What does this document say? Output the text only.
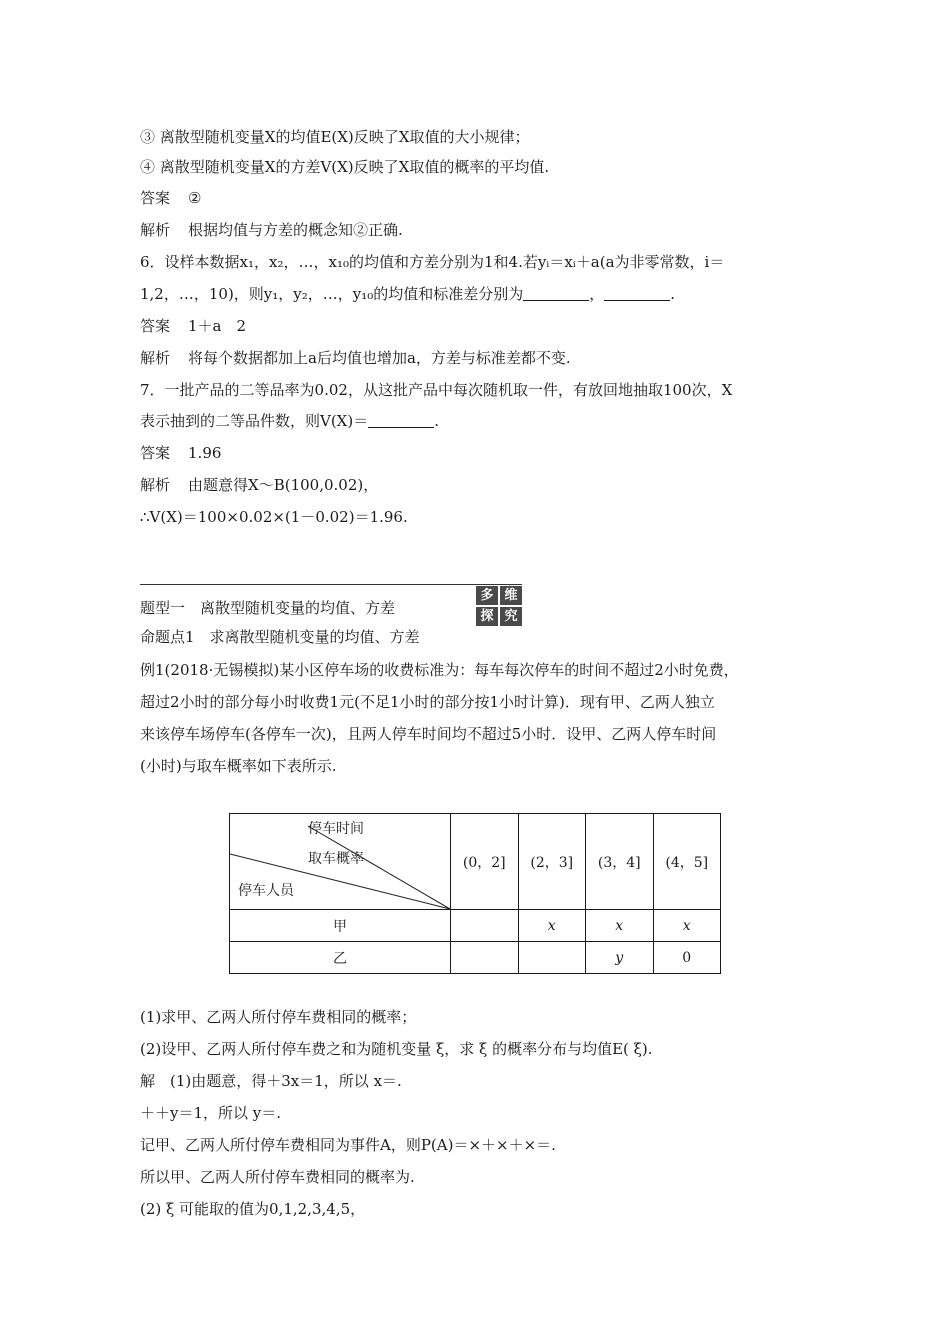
③ 离散型随机变量X的均值E(X)反映了X取值的大小规律；
④ 离散型随机变量X的方差V(X)反映了X取值的概率的平均值.
答案 ②
解析 根据均值与方差的概念知②正确.
6．设样本数据x₁，x₂，…，x₁₀的均值和方差分别为1和4.若yᵢ＝xᵢ＋a(a为非零常数，i＝
1,2，…，10)，则y₁，y₂，…，y₁₀的均值和标准差分别为	，	.
答案 1＋a　2
解析 将每个数据都加上a后均值也增加a，方差与标准差都不变.
7．一批产品的二等品率为0.02，从这批产品中每次随机取一件，有放回地抽取100次，X
表示抽到的二等品件数，则V(X)＝	.
答案 1.96
解析 由题意得X～B(100,0.02)，
∴V(X)＝100×0.02×(1－0.02)＝1.96.
题型一　离散型随机变量的均值、方差
多 维
探 究
命题点1　求离散型随机变量的均值、方差
例1(2018·无锡模拟)某小区停车场的收费标准为：每车每次停车的时间不超过2小时免费，
超过2小时的部分每小时收费1元(不足1小时的部分按1小时计算)．现有甲、乙两人独立
来该停车场停车(各停车一次)，且两人停车时间均不超过5小时．设甲、乙两人停车时间
(小时)与取车概率如下表所示.
停车时间
取车概率
停车人员	(0，2]	(2，3]	(3，4]	(4，5]
甲		x	x	x
乙			y	0
(1)求甲、乙两人所付停车费相同的概率；
(2)设甲、乙两人所付停车费之和为随机变量 ξ，求 ξ 的概率分布与均值E( ξ).
解　(1)由题意，得＋3x＝1，所以 x＝.
＋＋y＝1，所以 y＝.
记甲、乙两人所付停车费相同为事件A，则P(A)＝×＋×＋×＝.
所以甲、乙两人所付停车费相同的概率为.
(2) ξ 可能取的值为0,1,2,3,4,5，
